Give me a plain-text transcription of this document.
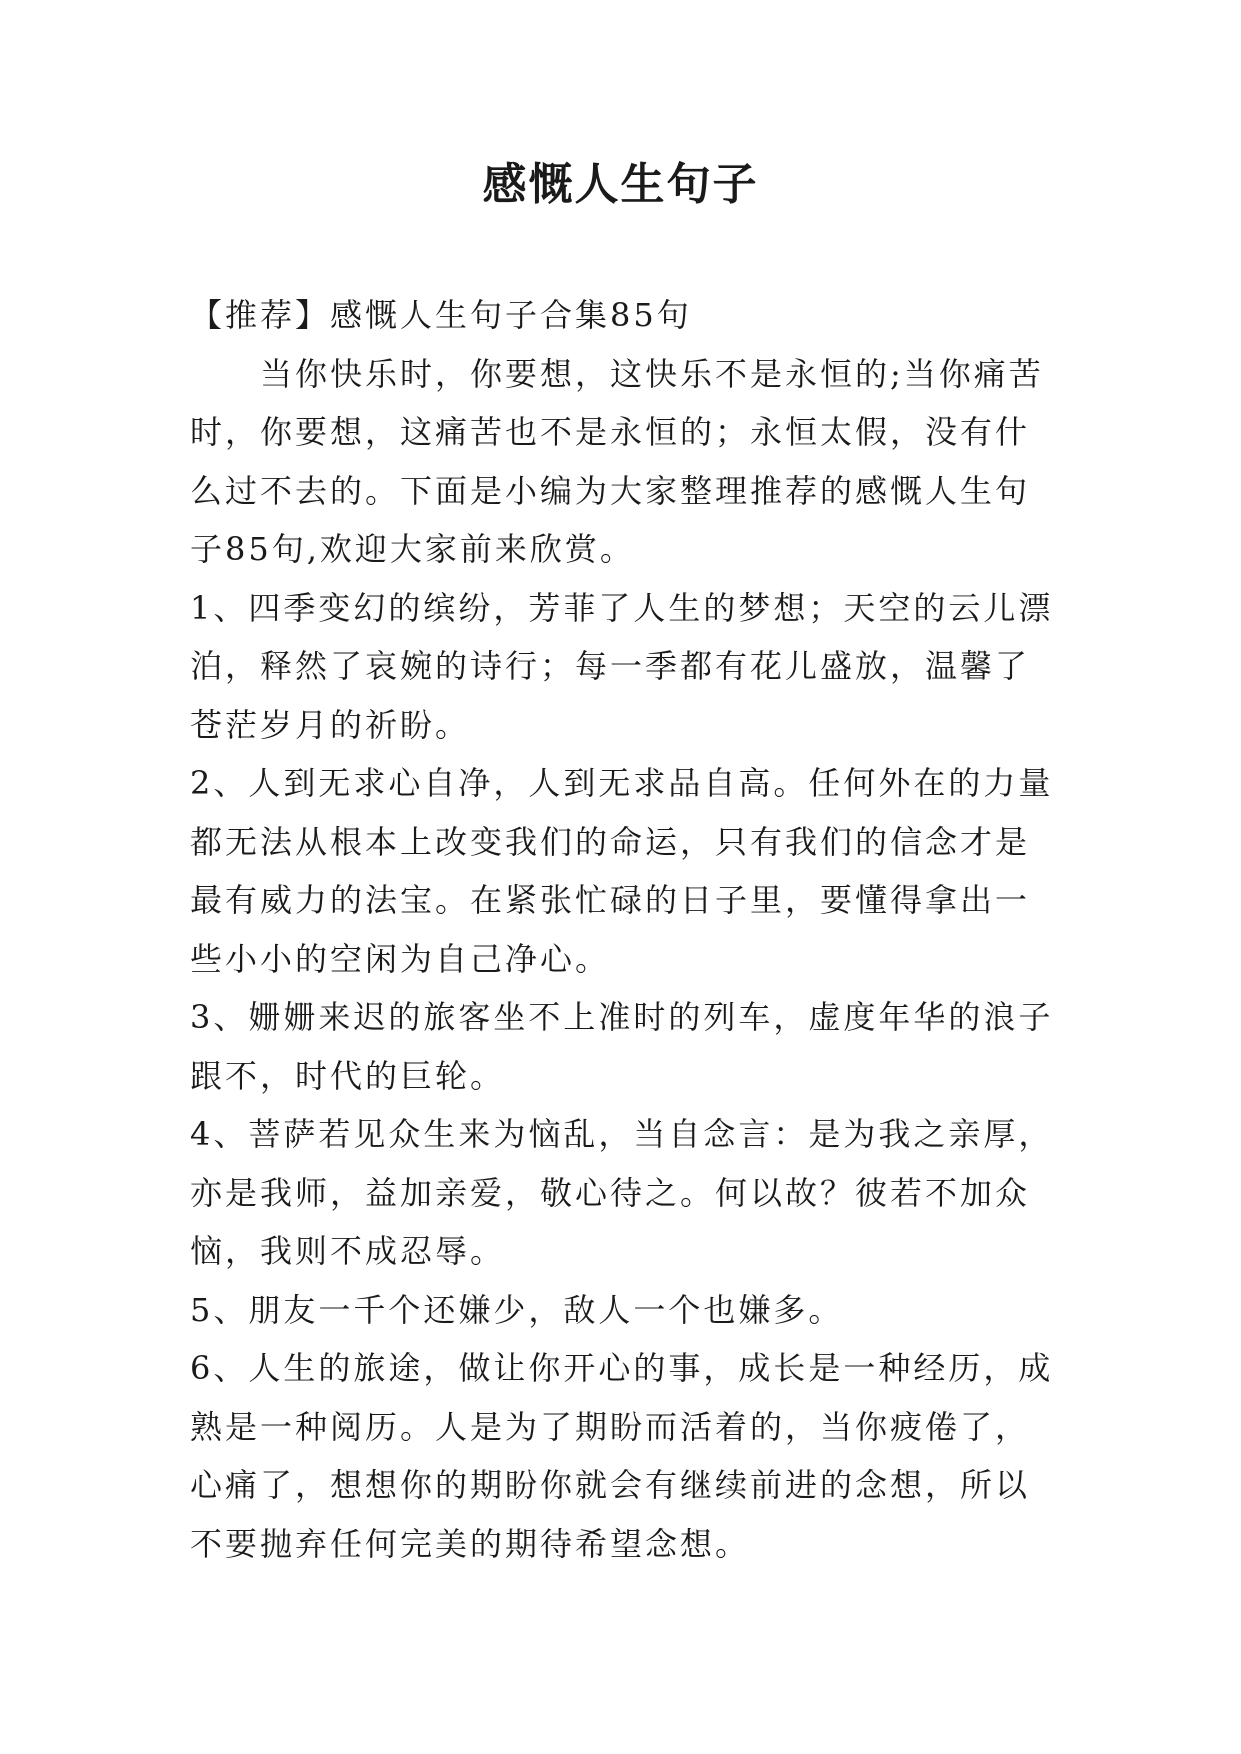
感慨人生句子

【推荐】感慨人生句子合集85句

当你快乐时，你要想，这快乐不是永恒的;当你痛苦时，你要想，这痛苦也不是永恒的；永恒太假，没有什么过不去的。下面是小编为大家整理推荐的感慨人生句子85句,欢迎大家前来欣赏。

1、四季变幻的缤纷，芳菲了人生的梦想；天空的云儿漂泊，释然了哀婉的诗行；每一季都有花儿盛放，温馨了苍茫岁月的祈盼。

2、人到无求心自净，人到无求品自高。任何外在的力量都无法从根本上改变我们的命运，只有我们的信念才是最有威力的法宝。在紧张忙碌的日子里，要懂得拿出一些小小的空闲为自己净心。

3、姗姗来迟的旅客坐不上准时的列车，虚度年华的浪子跟不，时代的巨轮。

4、菩萨若见众生来为恼乱，当自念言：是为我之亲厚，亦是我师，益加亲爱，敬心待之。何以故？彼若不加众恼，我则不成忍辱。

5、朋友一千个还嫌少，敌人一个也嫌多。

6、人生的旅途，做让你开心的事，成长是一种经历，成熟是一种阅历。人是为了期盼而活着的，当你疲倦了，心痛了，想想你的期盼你就会有继续前进的念想，所以不要抛弃任何完美的期待希望念想。
